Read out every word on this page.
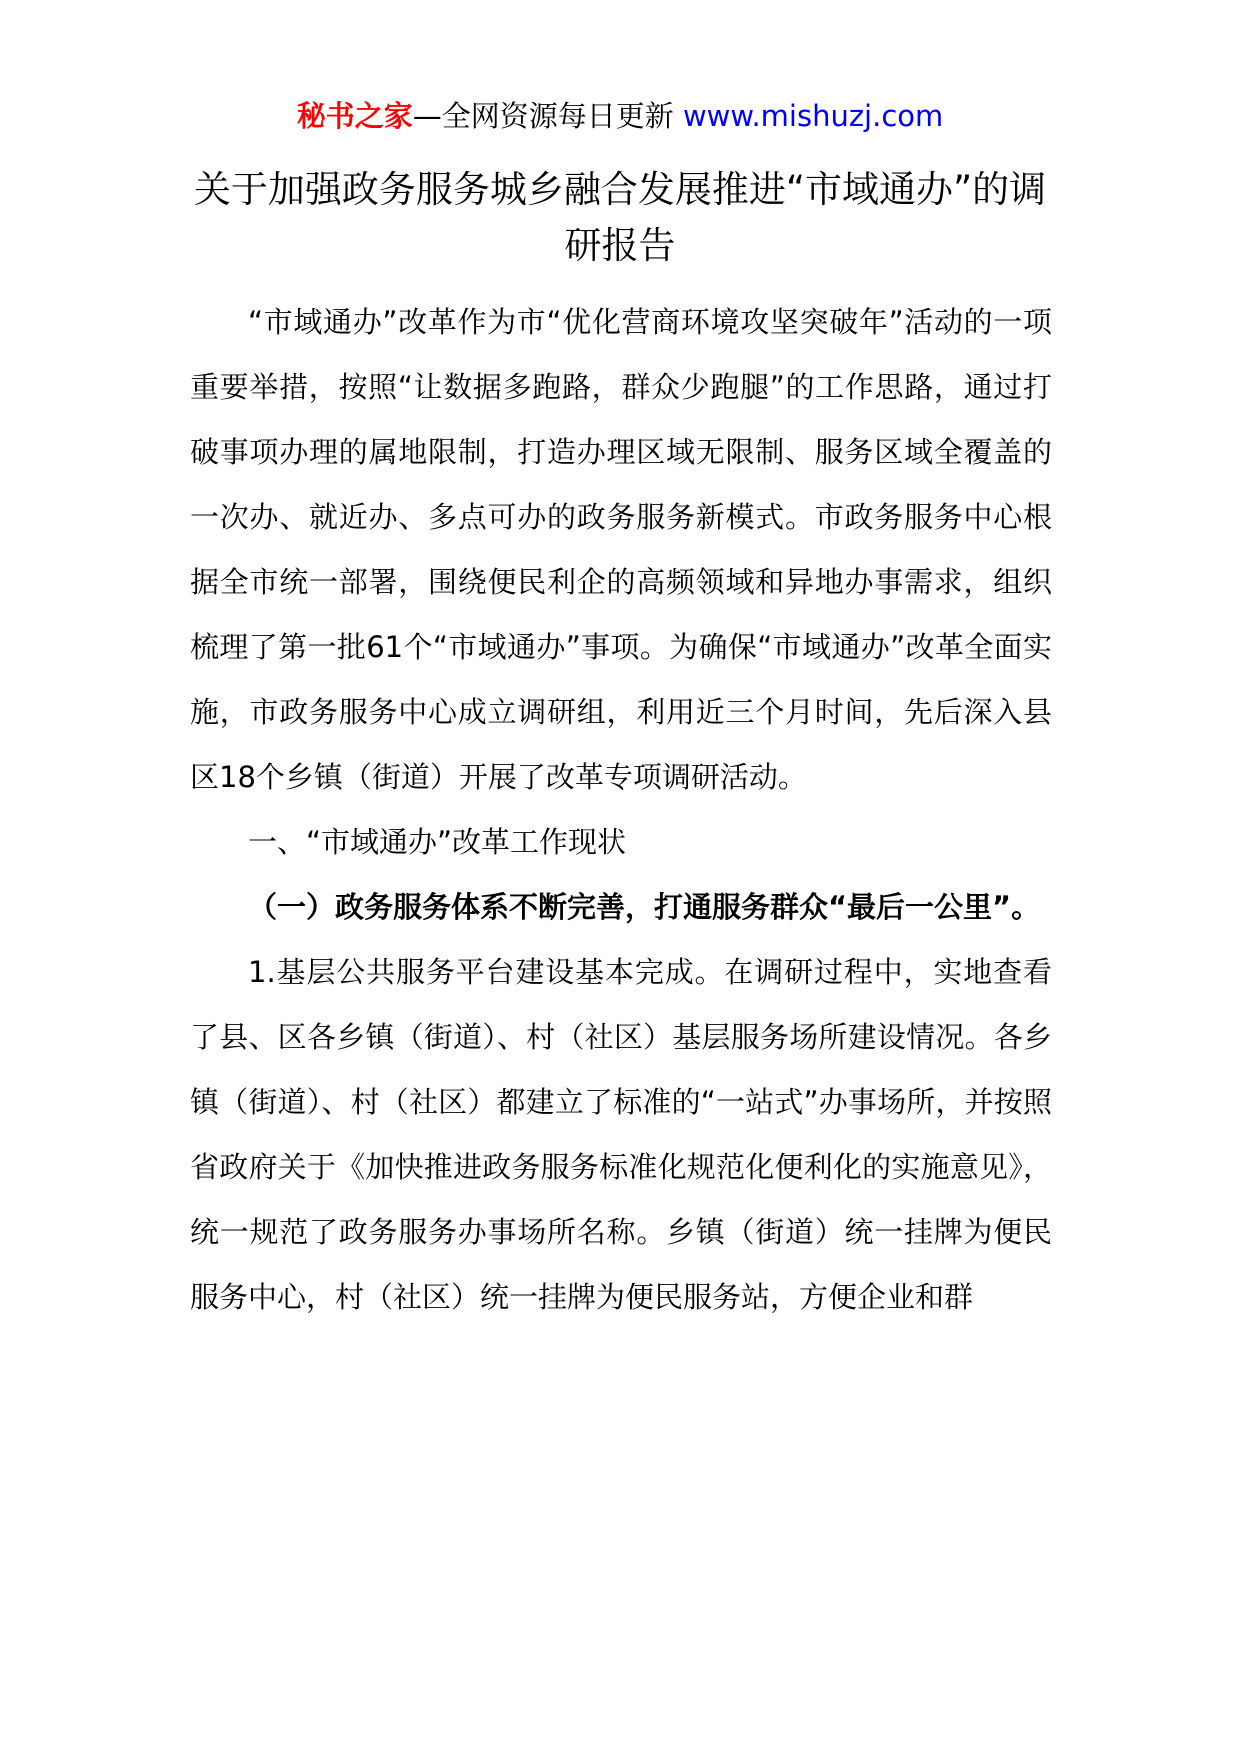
秘书之家—全网资源每日更新 www.mishuzj.com
关于加强政务服务城乡融合发展推进“市域通办”的调研报告

“市域通办”改革作为市“优化营商环境攻坚突破年”活动的一项重要举措，按照“让数据多跑路，群众少跑腿”的工作思路，通过打破事项办理的属地限制，打造办理区域无限制、服务区域全覆盖的一次办、就近办、多点可办的政务服务新模式。市政务服务中心根据全市统一部署，围绕便民利企的高频领域和异地办事需求，组织梳理了第一批61个“市域通办”事项。为确保“市域通办”改革全面实施，市政务服务中心成立调研组，利用近三个月时间，先后深入县区18个乡镇（街道）开展了改革专项调研活动。

一、“市域通办”改革工作现状

（一）政务服务体系不断完善，打通服务群众“最后一公里”。

1.基层公共服务平台建设基本完成。在调研过程中，实地查看了县、区各乡镇（街道）、村（社区）基层服务场所建设情况。各乡镇（街道）、村（社区）都建立了标准的“一站式”办事场所，并按照省政府关于《加快推进政务服务标准化规范化便利化的实施意见》，统一规范了政务服务办事场所名称。乡镇（街道）统一挂牌为便民服务中心，村（社区）统一挂牌为便民服务站，方便企业和群
